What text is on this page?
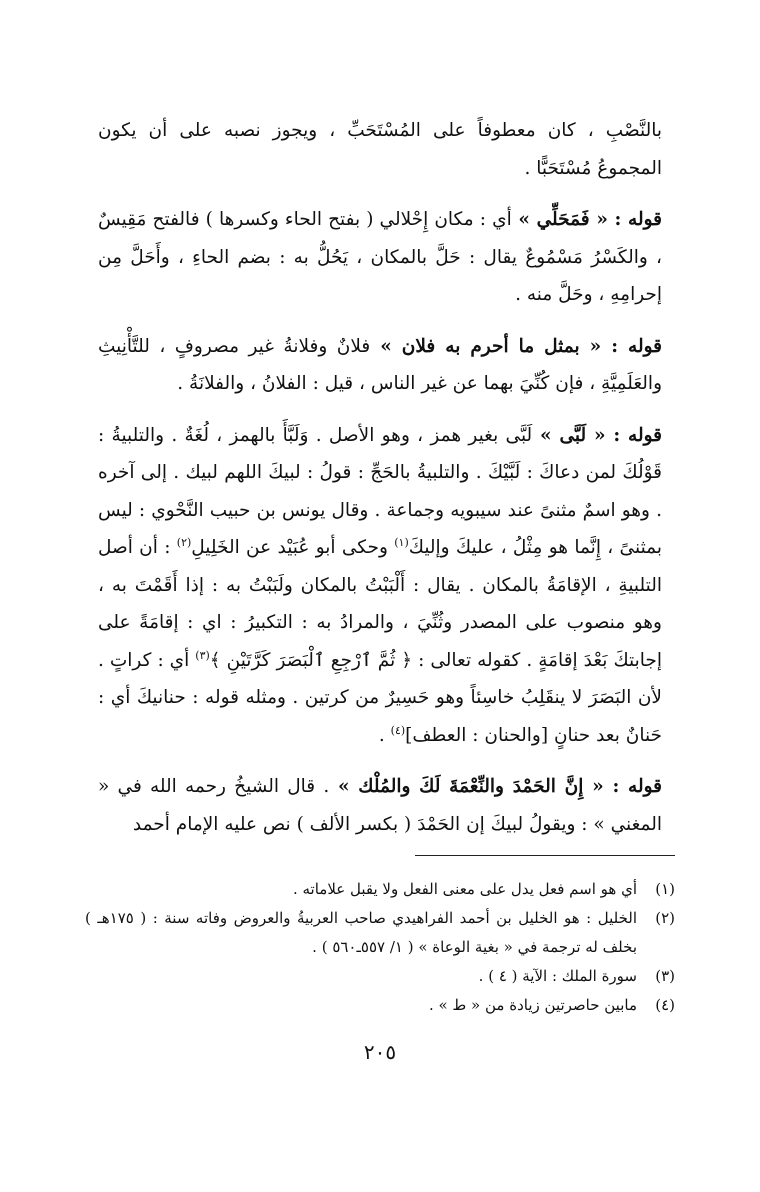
بالنَّصْبِ ، كان معطوفاً على المُسْتَحَبِّ ، ويجوز نصبه على أن يكون المجموعُ مُسْتَحَبًّا .

قوله : « فَمَحَلِّي » أي : مكان إِحْلالي ( بفتح الحاء وكسرها ) فالفتح مَقِيسٌ ، والكَسْرُ مَسْمُوعٌ يقال : حَلَّ بالمكان ، يَحُلُّ به : بضم الحاءِ ، وأَحَلَّ مِن إحرامِهِ ، وحَلَّ منه .

قوله : « بمثل ما أحرم به فلان » فلانٌ وفلانةُ غير مصروفٍ ، للتَّأْنِيثِ والعَلَمِيَّةِ ، فإن كُنِّيَ بهما عن غير الناس ، قيل : الفلانُ ، والفلانَةُ .

قوله : « لَبَّى » لَبَّى بغير همز ، وهو الأصل . وَلَبَّأَ بالهمز ، لُغَةٌ . والتلبيةُ : قَوْلُكَ لمن دعاكَ : لَبَّيْكَ . والتلبيةُ بالحَجِّ : قولُ : لبيكَ اللهم لبيك . إلى آخره . وهو اسمٌ مثنىً عند سيبويه وجماعة . وقال يونس بن حبيب النَّحْوي : ليس بمثنىً ، إِنَّما هو مِثْلُ ، عليكَ وإليكَ$^{(١)}$ وحكى أبو عُبَيْد عن الخَلِيلِ$^{(٢)}$ : أن أصل التلبيةِ ، الإقامَةُ بالمكان . يقال : أَلْبَبْتُ بالمكان ولَبَبْتُ به : إذا أَقَمْتَ به ، وهو منصوب على المصدر وثُنِّيَ ، والمرادُ به : التكبيرُ : اي : إقامَةً على إجابتكَ بَعْدَ إقامَةٍ . كقوله تعالى : ﴿ ثُمَّ ٱرْجِعِ ٱلْبَصَرَ كَرَّتَيْنِ ﴾$^{(٣)}$ أي : كراتٍ . لأن البَصَرَ لا ينقَلِبُ خاسِئاً وهو حَسِيرٌ من كرتين . ومثله قوله : حنانيكَ أي : حَنانٌ بعد حنانٍ [والحنان : العطف]$^{(٤)}$ .

قوله : « إِنَّ الحَمْدَ والنِّعْمَةَ لَكَ والمُلْك » . قال الشيخُ رحمه الله في « المغني » : ويقولُ لبيكَ إن الحَمْدَ ( بكسر الألف ) نص عليه الإمام أحمد

(١)
أي هو اسم فعل يدل على معنى الفعل ولا يقبل علاماته .
(٢)
الخليل : هو الخليل بن أحمد الفراهيدي صاحب العربيةُ والعروض وفاته سنة : ( ١٧٥هـ ) بخلف له ترجمة في « بغية الوعاة » ( ١/ ٥٥٧ـ٥٦٠ ) .
(٣)
سورة الملك : الآية ( ٤ ) .
(٤)
مابين حاصرتين زيادة من « ط » .
٢٠٥
